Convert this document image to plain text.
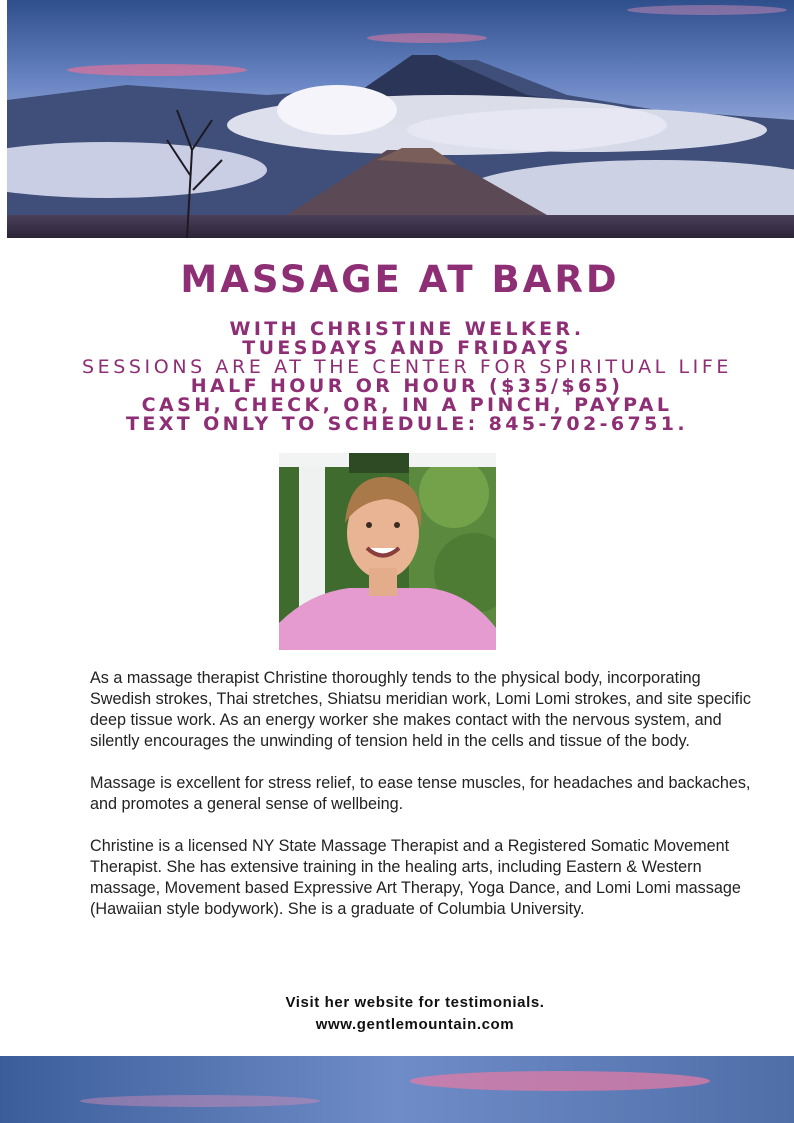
MASSAGE AT BARD
WITH CHRISTINE WELKER.
TUESDAYS AND FRIDAYS
SESSIONS ARE AT THE CENTER FOR SPIRITUAL LIFE
HALF HOUR OR HOUR ($35/$65)
CASH, CHECK, OR, IN A PINCH, PAYPAL
TEXT ONLY TO SCHEDULE: 845-702-6751.

As a massage therapist Christine thoroughly tends to the physical body, incorporating Swedish strokes, Thai stretches, Shiatsu meridian work, Lomi Lomi strokes, and site specific deep tissue work. As an energy worker she makes contact with the nervous system, and silently encourages the unwinding of tension held in the cells and tissue of the body.

Massage is excellent for stress relief, to ease tense muscles, for headaches and backaches, and promotes a general sense of wellbeing.

Christine is a licensed NY State Massage Therapist and a Registered Somatic Movement Therapist. She has extensive training in the healing arts, including Eastern & Western massage, Movement based Expressive Art Therapy, Yoga Dance, and Lomi Lomi massage (Hawaiian style bodywork). She is a graduate of Columbia University.

Visit her website for testimonials.
www.gentlemountain.com
